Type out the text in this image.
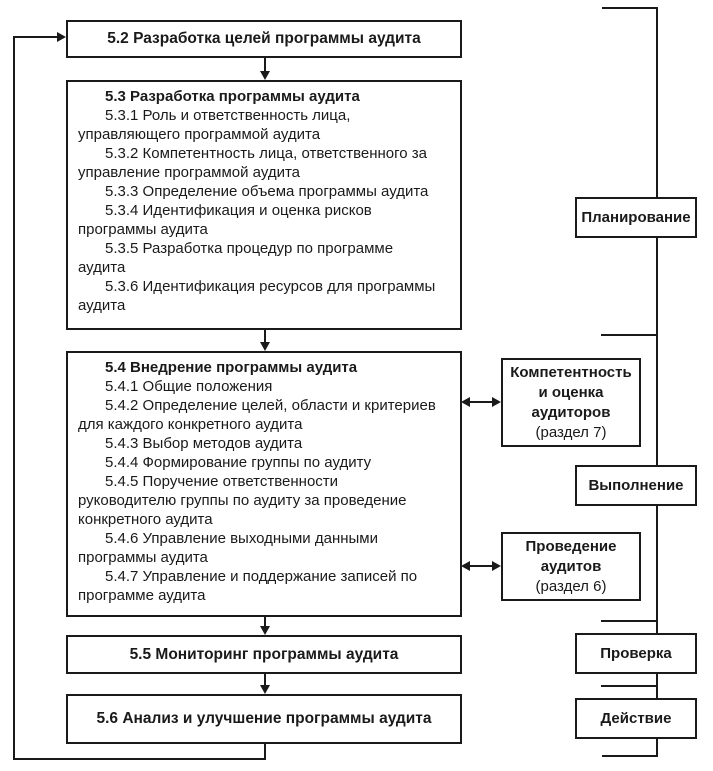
5.2 Разработка целей программы аудита

5.3 Разработка программы аудита

5.3.1 Роль и ответственность лица, управляющего программой аудита

5.3.2 Компетентность лица, ответственного за управление программой аудита

5.3.3 Определение объема программы аудита

5.3.4 Идентификация и оценка рисков программы аудита

5.3.5 Разработка процедур по программе аудита

5.3.6 Идентификация ресурсов для программы аудита

5.4 Внедрение программы аудита

5.4.1 Общие положения

5.4.2 Определение целей, области и критериев для каждого конкретного аудита

5.4.3 Выбор методов аудита

5.4.4 Формирование группы по аудиту

5.4.5 Поручение ответственности руководителю группы по аудиту за проведение конкретного аудита

5.4.6 Управление выходными данными программы аудита

5.4.7 Управление и поддержание записей по программе аудита

5.5 Мониторинг программы аудита
5.6 Анализ и улучшение программы аудита
Компетентность и оценка аудиторов
(раздел 7)
Проведение аудитов
(раздел 6)
Планирование
Выполнение
Проверка
Действие
